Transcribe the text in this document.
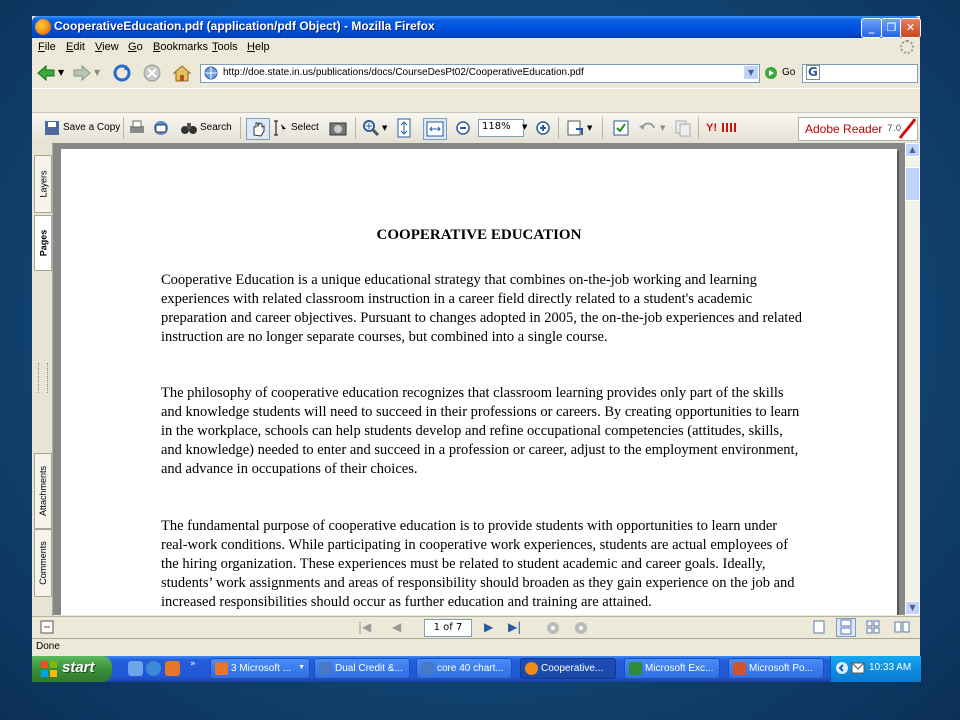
CooperativeEducation.pdf (application/pdf Object) - Mozilla Firefox	_	❐ ✕
File Edit View Go Bookmarks Tools Help
▼	▼	http://doe.state.in.us/publications/docs/CourseDesPt02/CooperativeEducation.pdf	▼	Go G
Save a Copy	Search	Select	▼	118% ▼	▼	▼	Y!	Adobe Reader 7.0
Layers
Pages
Attachments
Comments
COOPERATIVE EDUCATION
Cooperative Education is a unique educational strategy that combines on-the-job working and learning experiences with related classroom instruction in a career field directly related to a student's academic preparation and career objectives. Pursuant to changes adopted in 2005, the on-the-job experiences and related instruction are no longer separate courses, but combined into a single course.
The philosophy of cooperative education recognizes that classroom learning provides only part of the skills and knowledge students will need to succeed in their professions or careers. By creating opportunities to learn in the workplace, schools can help students develop and refine occupational competencies (attitudes, skills, and knowledge) needed to enter and succeed in a profession or career, adjust to the employment environment, and advance in occupations of their choices.
The fundamental purpose of cooperative education is to provide students with opportunities to learn under real-work conditions. While participating in cooperative work experiences, students are actual employees of the hiring organization. These experiences must be related to student academic and career goals. Ideally, students’ work assignments and areas of responsibility should broaden as they gain experience on the job and increased responsibilities should occur as further education and training are attained.
▲
▼
|◀ ◀	1 of 7	▶ ▶|
Done
start	»	3 Microsoft ... ▼	Dual Credit &...	core 40 chart...	Cooperative...	Microsoft Exc...	Microsoft Po...	10:33 AM
